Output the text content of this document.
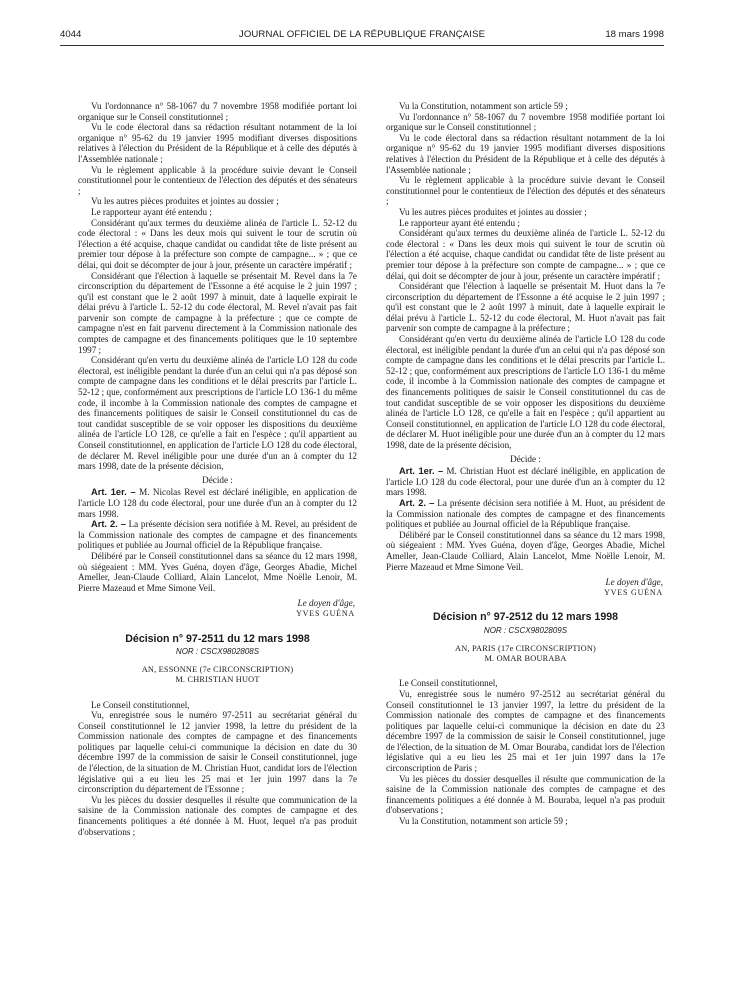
4044	JOURNAL OFFICIEL DE LA RÉPUBLIQUE FRANÇAISE	18 mars 1998

Vu l'ordonnance n° 58-1067 du 7 novembre 1958 modifiée portant loi organique sur le Conseil constitutionnel ;

Vu le code électoral dans sa rédaction résultant notamment de la loi organique n° 95-62 du 19 janvier 1995 modifiant diverses dispositions relatives à l'élection du Président de la République et à celle des députés à l'Assemblée nationale ;

Vu le règlement applicable à la procédure suivie devant le Conseil constitutionnel pour le contentieux de l'élection des députés et des sénateurs ;

Vu les autres pièces produites et jointes au dossier ;

Le rapporteur ayant été entendu ;

Considérant qu'aux termes du deuxième alinéa de l'article L. 52-12 du code électoral : « Dans les deux mois qui suivent le tour de scrutin où l'élection a été acquise, chaque candidat ou candidat tête de liste présent au premier tour dépose à la préfecture son compte de campagne... » ; que ce délai, qui doit se décompter de jour à jour, présente un caractère impératif ;

Considérant que l'élection à laquelle se présentait M. Revel dans la 7e circonscription du département de l'Essonne a été acquise le 2 juin 1997 ; qu'il est constant que le 2 août 1997 à minuit, date à laquelle expirait le délai prévu à l'article L. 52-12 du code électoral, M. Revel n'avait pas fait parvenir son compte de campagne à la préfecture ; que ce compte de campagne n'est en fait parvenu directement à la Commission nationale des comptes de campagne et des financements politiques que le 10 septembre 1997 ;

Considérant qu'en vertu du deuxième alinéa de l'article LO 128 du code électoral, est inéligible pendant la durée d'un an celui qui n'a pas déposé son compte de campagne dans les conditions et le délai prescrits par l'article L. 52-12 ; que, conformément aux prescriptions de l'article LO 136-1 du même code, il incombe à la Commission nationale des comptes de campagne et des financements politiques de saisir le Conseil constitutionnel du cas de tout candidat susceptible de se voir opposer les dispositions du deuxième alinéa de l'article LO 128, ce qu'elle a fait en l'espèce ; qu'il appartient au Conseil constitutionnel, en application de l'article LO 128 du code électoral, de déclarer M. Revel inéligible pour une durée d'un an à compter du 12 mars 1998, date de la présente décision,

Décide :

Art. 1er. – M. Nicolas Revel est déclaré inéligible, en application de l'article LO 128 du code électoral, pour une durée d'un an à compter du 12 mars 1998.

Art. 2. – La présente décision sera notifiée à M. Revel, au président de la Commission nationale des comptes de campagne et des financements politiques et publiée au Journal officiel de la République française.

Délibéré par le Conseil constitutionnel dans sa séance du 12 mars 1998, où siégeaient : MM. Yves Guéna, doyen d'âge, Georges Abadie, Michel Ameller, Jean-Claude Colliard, Alain Lancelot, Mme Noëlle Lenoir, M. Pierre Mazeaud et Mme Simone Veil.

Le doyen d'âge,
YVES GUÉNA
Décision n° 97-2511 du 12 mars 1998
NOR : CSCX9802808S
AN, ESSONNE (7e CIRCONSCRIPTION)
M. CHRISTIAN HUOT

Le Conseil constitutionnel,

Vu, enregistrée sous le numéro 97-2511 au secrétariat général du Conseil constitutionnel le 12 janvier 1998, la lettre du président de la Commission nationale des comptes de campagne et des financements politiques par laquelle celui-ci communique la décision en date du 30 décembre 1997 de la commission de saisir le Conseil constitutionnel, juge de l'élection, de la situation de M. Christian Huot, candidat lors de l'élection législative qui a eu lieu les 25 mai et 1er juin 1997 dans la 7e circonscription du département de l'Essonne ;

Vu les pièces du dossier desquelles il résulte que communication de la saisine de la Commission nationale des comptes de campagne et des financements politiques a été donnée à M. Huot, lequel n'a pas produit d'observations ;

Vu la Constitution, notamment son article 59 ;

Vu l'ordonnance n° 58-1067 du 7 novembre 1958 modifiée portant loi organique sur le Conseil constitutionnel ;

Vu le code électoral dans sa rédaction résultant notamment de la loi organique n° 95-62 du 19 janvier 1995 modifiant diverses dispositions relatives à l'élection du Président de la République et à celle des députés à l'Assemblée nationale ;

Vu le règlement applicable à la procédure suivie devant le Conseil constitutionnel pour le contentieux de l'élection des députés et des sénateurs ;

Vu les autres pièces produites et jointes au dossier ;

Le rapporteur ayant été entendu ;

Considérant qu'aux termes du deuxième alinéa de l'article L. 52-12 du code électoral : « Dans les deux mois qui suivent le tour de scrutin où l'élection a été acquise, chaque candidat ou candidat tête de liste présent au premier tour dépose à la préfecture son compte de campagne... » ; que ce délai, qui doit se décompter de jour à jour, présente un caractère impératif ;

Considérant que l'élection à laquelle se présentait M. Huot dans la 7e circonscription du département de l'Essonne a été acquise le 2 juin 1997 ; qu'il est constant que le 2 août 1997 à minuit, date à laquelle expirait le délai prévu à l'article L. 52-12 du code électoral, M. Huot n'avait pas fait parvenir son compte de campagne à la préfecture ;

Considérant qu'en vertu du deuxième alinéa de l'article LO 128 du code électoral, est inéligible pendant la durée d'un an celui qui n'a pas déposé son compte de campagne dans les conditions et le délai prescrits par l'article L. 52-12 ; que, conformément aux prescriptions de l'article LO 136-1 du même code, il incombe à la Commission nationale des comptes de campagne et des financements politiques de saisir le Conseil constitutionnel du cas de tout candidat susceptible de se voir opposer les dispositions du deuxième alinéa de l'article LO 128, ce qu'elle a fait en l'espèce ; qu'il appartient au Conseil constitutionnel, en application de l'article LO 128 du code électoral, de déclarer M. Huot inéligible pour une durée d'un an à compter du 12 mars 1998, date de la présente décision,

Décide :

Art. 1er. – M. Christian Huot est déclaré inéligible, en application de l'article LO 128 du code électoral, pour une durée d'un an à compter du 12 mars 1998.

Art. 2. – La présente décision sera notifiée à M. Huot, au président de la Commission nationale des comptes de campagne et des financements politiques et publiée au Journal officiel de la République française.

Délibéré par le Conseil constitutionnel dans sa séance du 12 mars 1998, où siégeaient : MM. Yves Guéna, doyen d'âge, Georges Abadie, Michel Ameller, Jean-Claude Colliard, Alain Lancelot, Mme Noëlle Lenoir, M. Pierre Mazeaud et Mme Simone Veil.

Le doyen d'âge,
YVES GUÉNA
Décision n° 97-2512 du 12 mars 1998
NOR : CSCX9802809S
AN, PARIS (17e CIRCONSCRIPTION)
M. OMAR BOURABA

Le Conseil constitutionnel,

Vu, enregistrée sous le numéro 97-2512 au secrétariat général du Conseil constitutionnel le 13 janvier 1997, la lettre du président de la Commission nationale des comptes de campagne et des financements politiques par laquelle celui-ci communique la décision en date du 23 décembre 1997 de la commission de saisir le Conseil constitutionnel, juge de l'élection, de la situation de M. Omar Bouraba, candidat lors de l'élection législative qui a eu lieu les 25 mai et 1er juin 1997 dans la 17e circonscription de Paris ;

Vu les pièces du dossier desquelles il résulte que communication de la saisine de la Commission nationale des comptes de campagne et des financements politiques a été donnée à M. Bouraba, lequel n'a pas produit d'observations ;

Vu la Constitution, notamment son article 59 ;
